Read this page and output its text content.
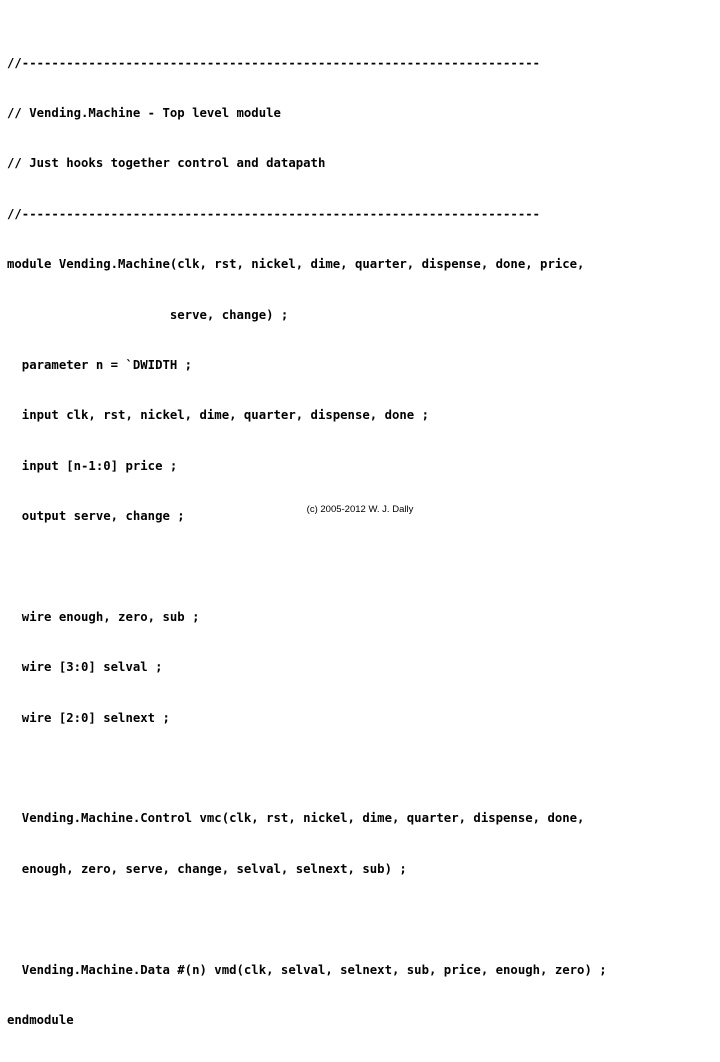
//----------------------------------------------------------------------

// Vending.Machine - Top level module

// Just hooks together control and datapath

//----------------------------------------------------------------------

module Vending.Machine(clk, rst, nickel, dime, quarter, dispense, done, price,

serve, change) ;

parameter n = `DWIDTH ;

input clk, rst, nickel, dime, quarter, dispense, done ;

input [n-1:0] price ;

output serve, change ;

wire enough, zero, sub ;

wire [3:0] selval ;

wire [2:0] selnext ;

Vending.Machine.Control vmc(clk, rst, nickel, dime, quarter, dispense, done,

enough, zero, serve, change, selval, selnext, sub) ;

Vending.Machine.Data #(n) vmd(clk, selval, selnext, sub, price, enough, zero) ;

endmodule

(c) 2005-2012 W. J. Dally
